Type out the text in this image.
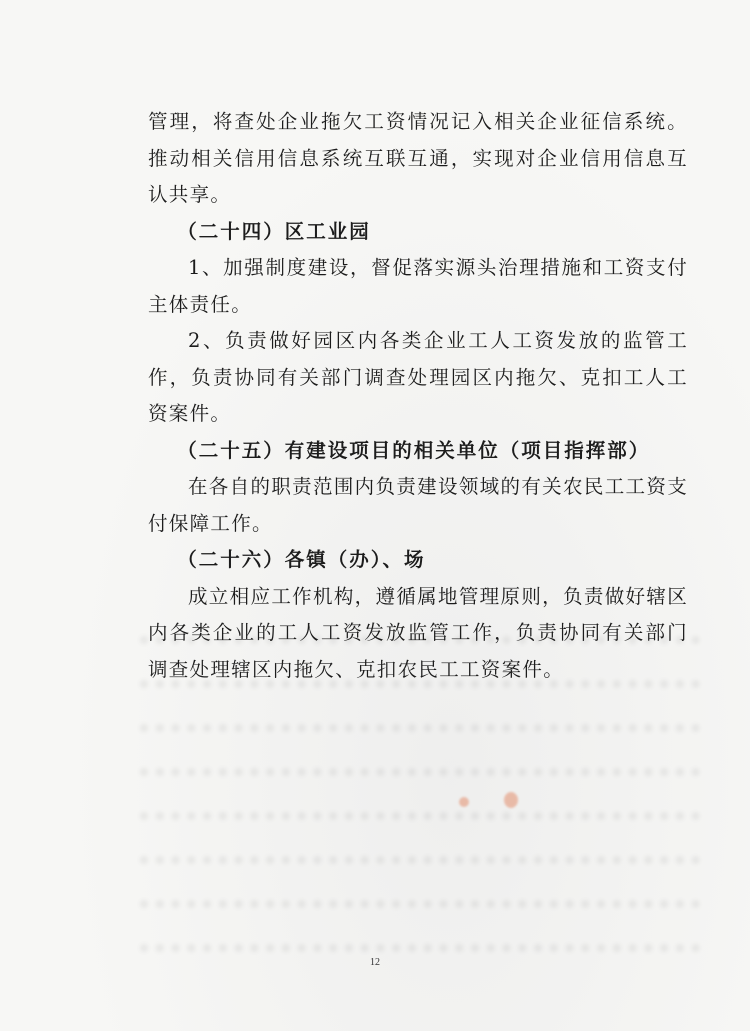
管理，将查处企业拖欠工资情况记入相关企业征信系统。推动相关信用信息系统互联互通，实现对企业信用信息互认共享。

（二十四）区工业园

1、加强制度建设，督促落实源头治理措施和工资支付主体责任。

2、负责做好园区内各类企业工人工资发放的监管工作，负责协同有关部门调查处理园区内拖欠、克扣工人工资案件。

（二十五）有建设项目的相关单位（项目指挥部）

在各自的职责范围内负责建设领域的有关农民工工资支付保障工作。

（二十六）各镇（办）、场

成立相应工作机构，遵循属地管理原则，负责做好辖区内各类企业的工人工资发放监管工作，负责协同有关部门调查处理辖区内拖欠、克扣农民工工资案件。

12
